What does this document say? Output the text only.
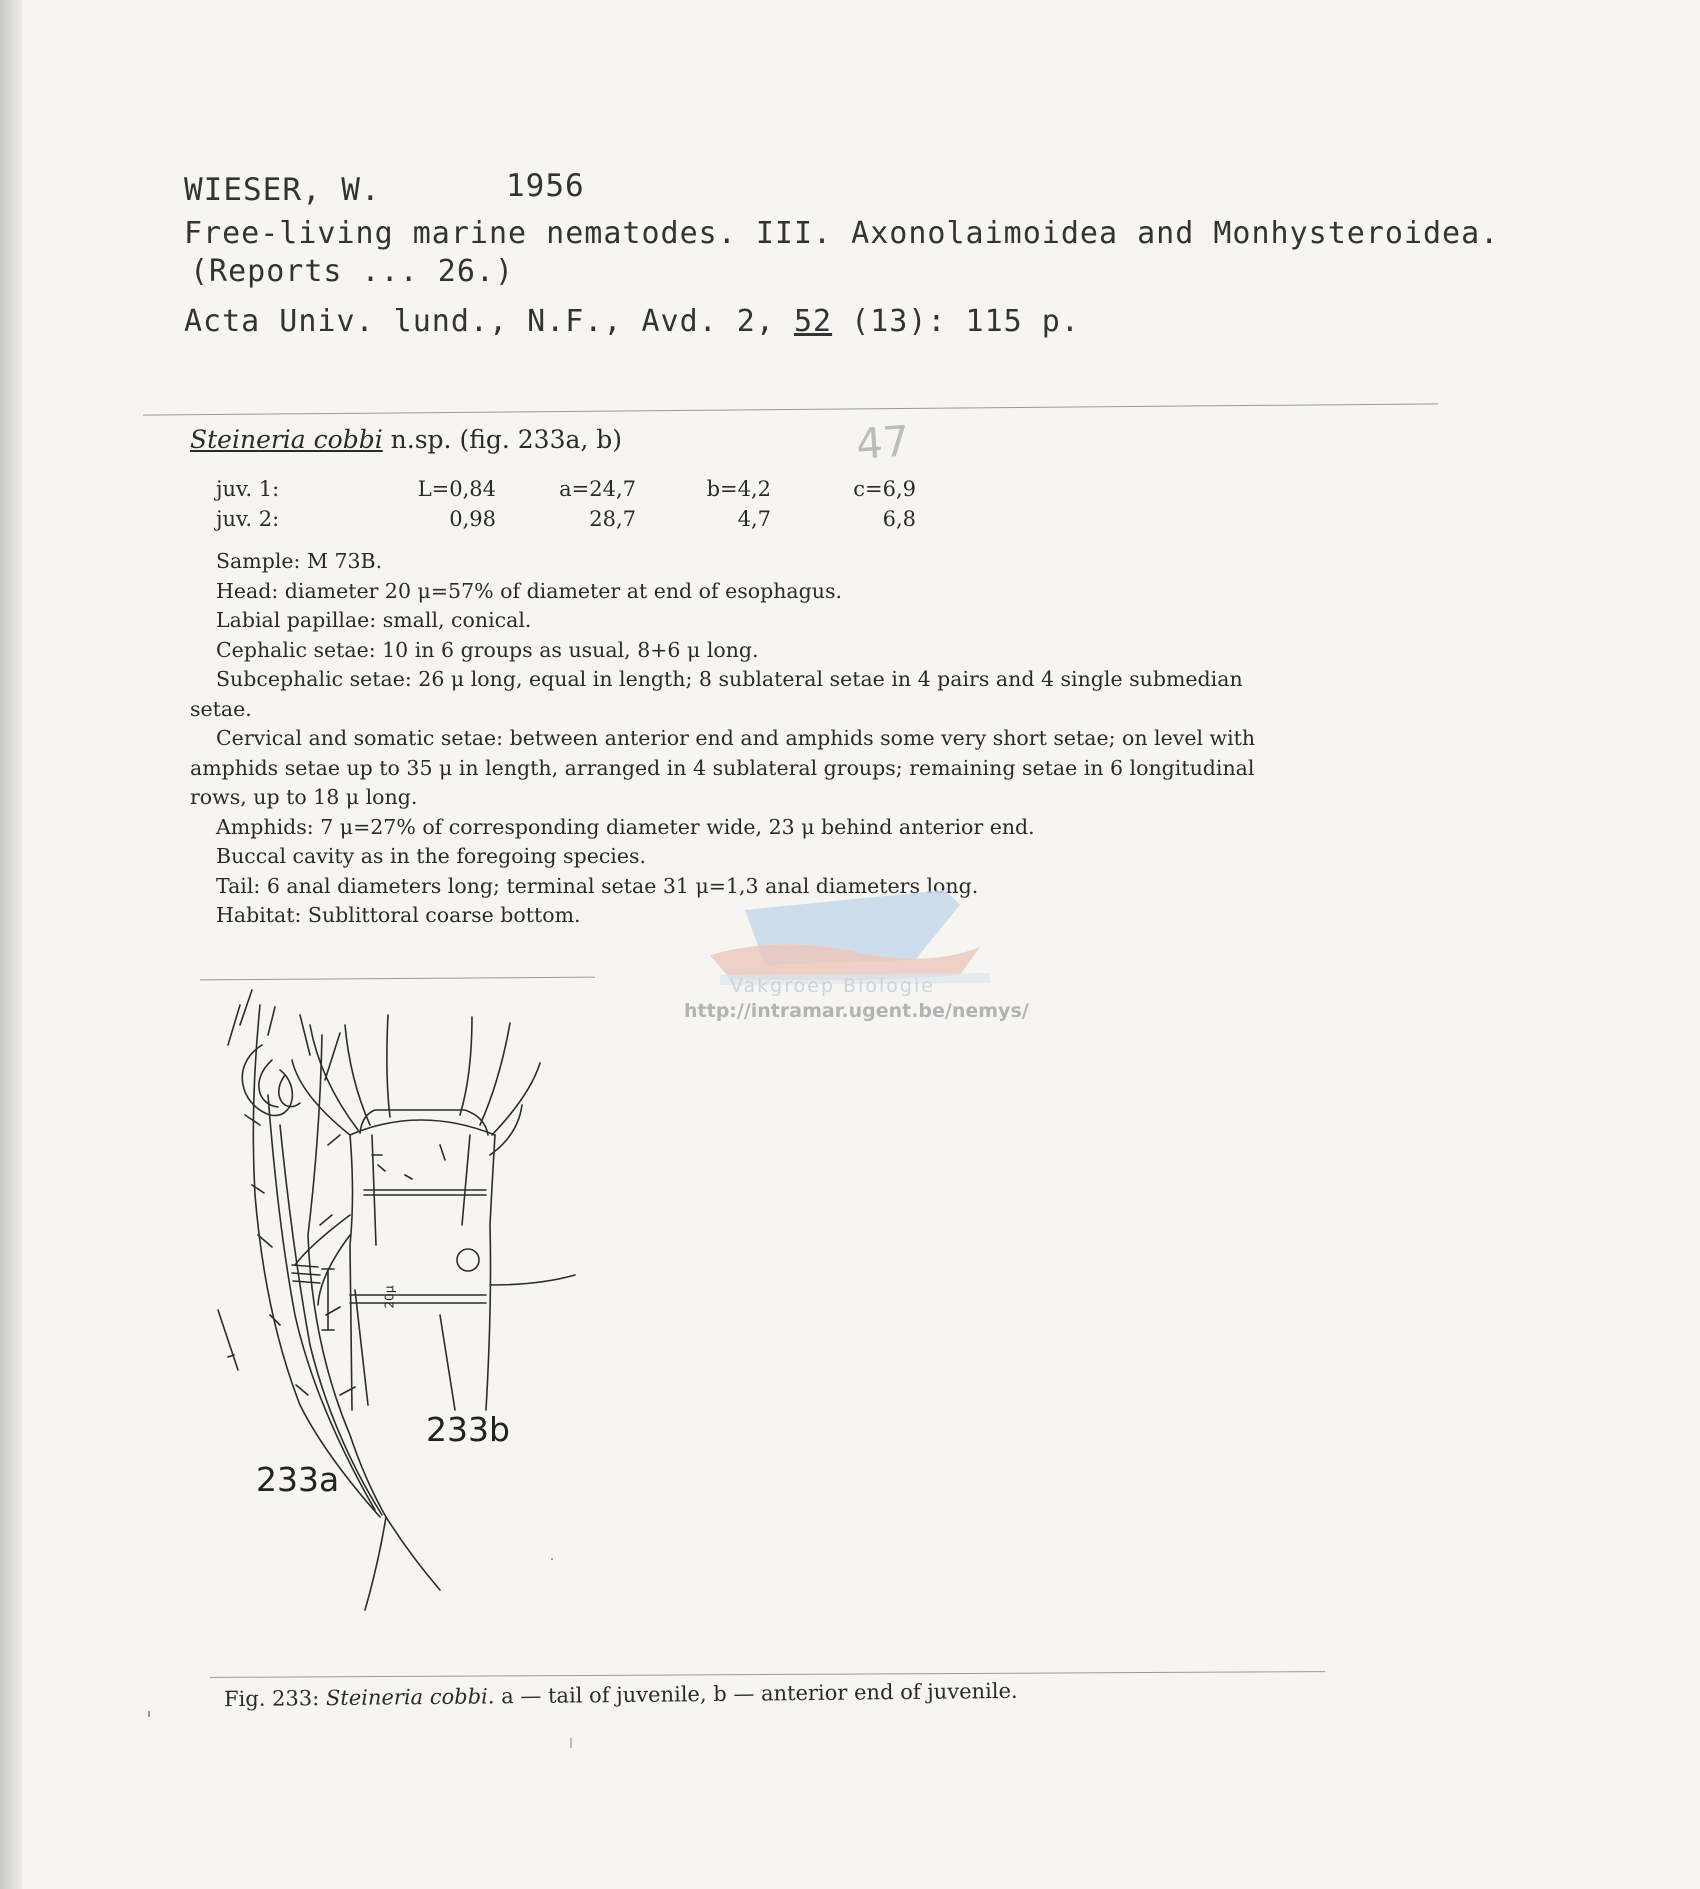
WIESER, W.	1956
Free-living marine nematodes. III. Axonolaimoidea and Monhysteroidea.
(Reports ... 26.)
Acta Univ. lund., N.F., Avd. 2, 52 (13): 115 p.
Steineria cobbi n.sp. (fig. 233a, b)	47
juv. 1:	L=0,84	a=24,7	b=4,2	c=6,9
juv. 2:	0,98	28,7	4,7	6,8

Sample: M 73B.

Head: diameter 20 μ=57% of diameter at end of esophagus.

Labial papillae: small, conical.

Cephalic setae: 10 in 6 groups as usual, 8+6 μ long.

Subcephalic setae: 26 μ long, equal in length; 8 sublateral setae in 4 pairs and 4 single submedian setae.

Cervical and somatic setae: between anterior end and amphids some very short setae; on level with amphids setae up to 35 μ in length, arranged in 4 sublateral groups; remaining setae in 6 longitudinal rows, up to 18 μ long.

Amphids: 7 μ=27% of corresponding diameter wide, 23 μ behind anterior end.

Buccal cavity as in the foregoing species.

Tail: 6 anal diameters long; terminal setae 31 μ=1,3 anal diameters long.

Habitat: Sublittoral coarse bottom.

Vakgroep Biologie
http://intramar.ugent.be/nemys/
233a
233b
20μ
Fig. 233: Steineria cobbi. a — tail of juvenile, b — anterior end of juvenile.
